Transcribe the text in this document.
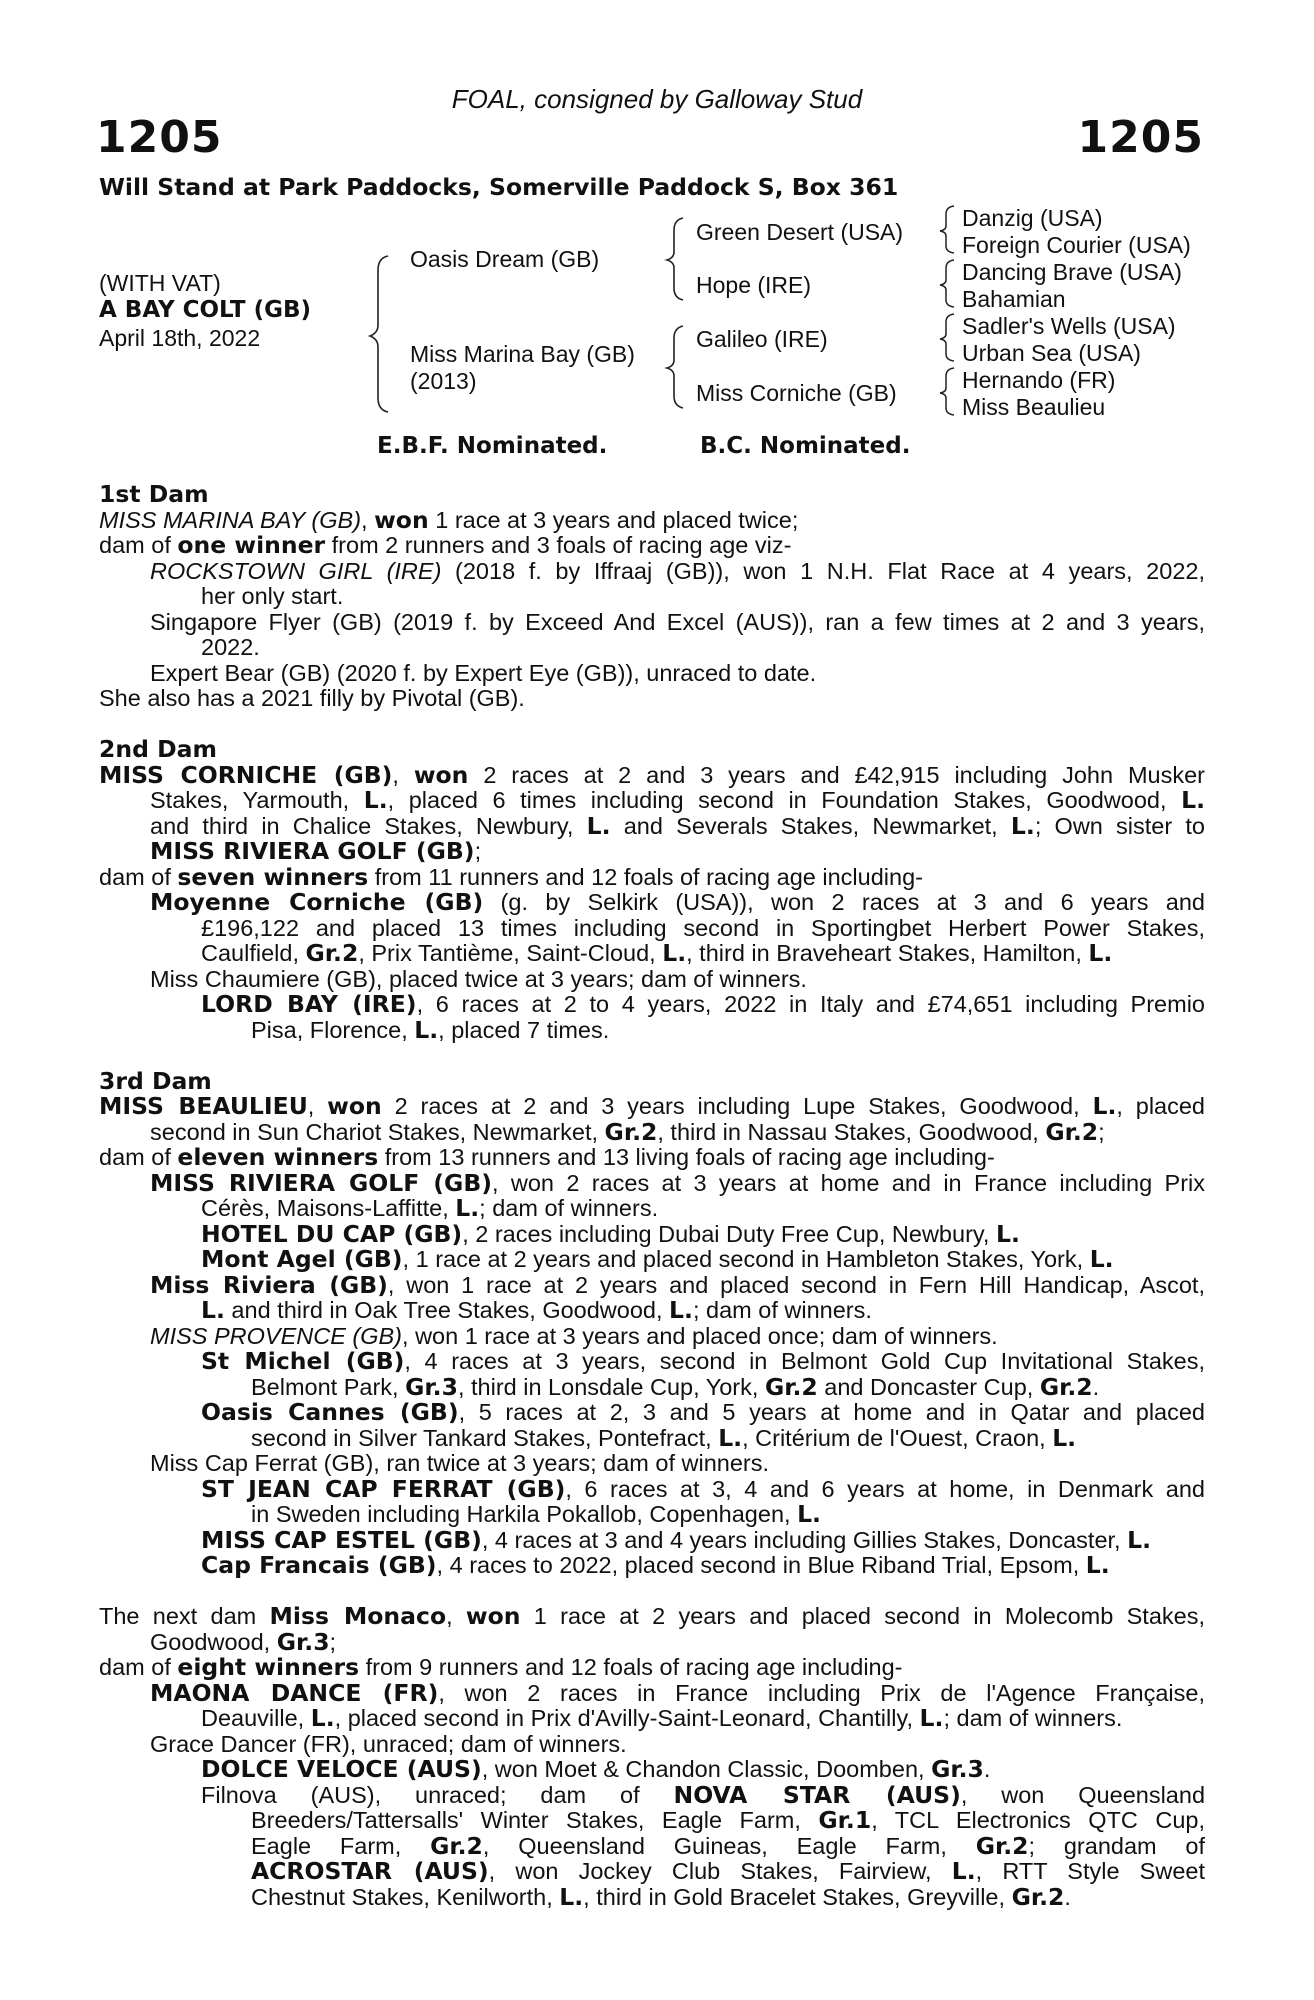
FOAL, consigned by Galloway Stud
1205	1205
Will Stand at Park Paddocks, Somerville Paddock S, Box 361
(WITH VAT)
A BAY COLT (GB)
April 18th, 2022
Oasis Dream (GB)
Miss Marina Bay (GB)
(2013)
Green Desert (USA)
Hope (IRE)
Galileo (IRE)
Miss Corniche (GB)
Danzig (USA)
Foreign Courier (USA)
Dancing Brave (USA)
Bahamian
Sadler's Wells (USA)
Urban Sea (USA)
Hernando (FR)
Miss Beaulieu
E.B.F. Nominated.	B.C. Nominated.
1st Dam
MISS MARINA BAY (GB), won 1 race at 3 years and placed twice;
dam of one winner from 2 runners and 3 foals of racing age viz-
ROCKSTOWN GIRL (IRE) (2018 f. by Iffraaj (GB)), won 1 N.H. Flat Race at 4 years, 2022,
her only start.
Singapore Flyer (GB) (2019 f. by Exceed And Excel (AUS)), ran a few times at 2 and 3 years,
2022.
Expert Bear (GB) (2020 f. by Expert Eye (GB)), unraced to date.
She also has a 2021 filly by Pivotal (GB).
2nd Dam
MISS CORNICHE (GB), won 2 races at 2 and 3 years and £42,915 including John Musker
Stakes, Yarmouth, L., placed 6 times including second in Foundation Stakes, Goodwood, L.
and third in Chalice Stakes, Newbury, L. and Severals Stakes, Newmarket, L.; Own sister to
MISS RIVIERA GOLF (GB);
dam of seven winners from 11 runners and 12 foals of racing age including-
Moyenne Corniche (GB) (g. by Selkirk (USA)), won 2 races at 3 and 6 years and
£196,122 and placed 13 times including second in Sportingbet Herbert Power Stakes,
Caulfield, Gr.2, Prix Tantième, Saint-Cloud, L., third in Braveheart Stakes, Hamilton, L.
Miss Chaumiere (GB), placed twice at 3 years; dam of winners.
LORD BAY (IRE), 6 races at 2 to 4 years, 2022 in Italy and £74,651 including Premio
Pisa, Florence, L., placed 7 times.
3rd Dam
MISS BEAULIEU, won 2 races at 2 and 3 years including Lupe Stakes, Goodwood, L., placed
second in Sun Chariot Stakes, Newmarket, Gr.2, third in Nassau Stakes, Goodwood, Gr.2;
dam of eleven winners from 13 runners and 13 living foals of racing age including-
MISS RIVIERA GOLF (GB), won 2 races at 3 years at home and in France including Prix
Cérès, Maisons-Laffitte, L.; dam of winners.
HOTEL DU CAP (GB), 2 races including Dubai Duty Free Cup, Newbury, L.
Mont Agel (GB), 1 race at 2 years and placed second in Hambleton Stakes, York, L.
Miss Riviera (GB), won 1 race at 2 years and placed second in Fern Hill Handicap, Ascot,
L. and third in Oak Tree Stakes, Goodwood, L.; dam of winners.
MISS PROVENCE (GB), won 1 race at 3 years and placed once; dam of winners.
St Michel (GB), 4 races at 3 years, second in Belmont Gold Cup Invitational Stakes,
Belmont Park, Gr.3, third in Lonsdale Cup, York, Gr.2 and Doncaster Cup, Gr.2.
Oasis Cannes (GB), 5 races at 2, 3 and 5 years at home and in Qatar and placed
second in Silver Tankard Stakes, Pontefract, L., Critérium de l'Ouest, Craon, L.
Miss Cap Ferrat (GB), ran twice at 3 years; dam of winners.
ST JEAN CAP FERRAT (GB), 6 races at 3, 4 and 6 years at home, in Denmark and
in Sweden including Harkila Pokallob, Copenhagen, L.
MISS CAP ESTEL (GB), 4 races at 3 and 4 years including Gillies Stakes, Doncaster, L.
Cap Francais (GB), 4 races to 2022, placed second in Blue Riband Trial, Epsom, L.
The next dam Miss Monaco, won 1 race at 2 years and placed second in Molecomb Stakes,
Goodwood, Gr.3;
dam of eight winners from 9 runners and 12 foals of racing age including-
MAONA DANCE (FR), won 2 races in France including Prix de l'Agence Française,
Deauville, L., placed second in Prix d'Avilly-Saint-Leonard, Chantilly, L.; dam of winners.
Grace Dancer (FR), unraced; dam of winners.
DOLCE VELOCE (AUS), won Moet & Chandon Classic, Doomben, Gr.3.
Filnova (AUS), unraced; dam of NOVA STAR (AUS), won Queensland
Breeders/Tattersalls' Winter Stakes, Eagle Farm, Gr.1, TCL Electronics QTC Cup,
Eagle Farm, Gr.2, Queensland Guineas, Eagle Farm, Gr.2; grandam of
ACROSTAR (AUS), won Jockey Club Stakes, Fairview, L., RTT Style Sweet
Chestnut Stakes, Kenilworth, L., third in Gold Bracelet Stakes, Greyville, Gr.2.
